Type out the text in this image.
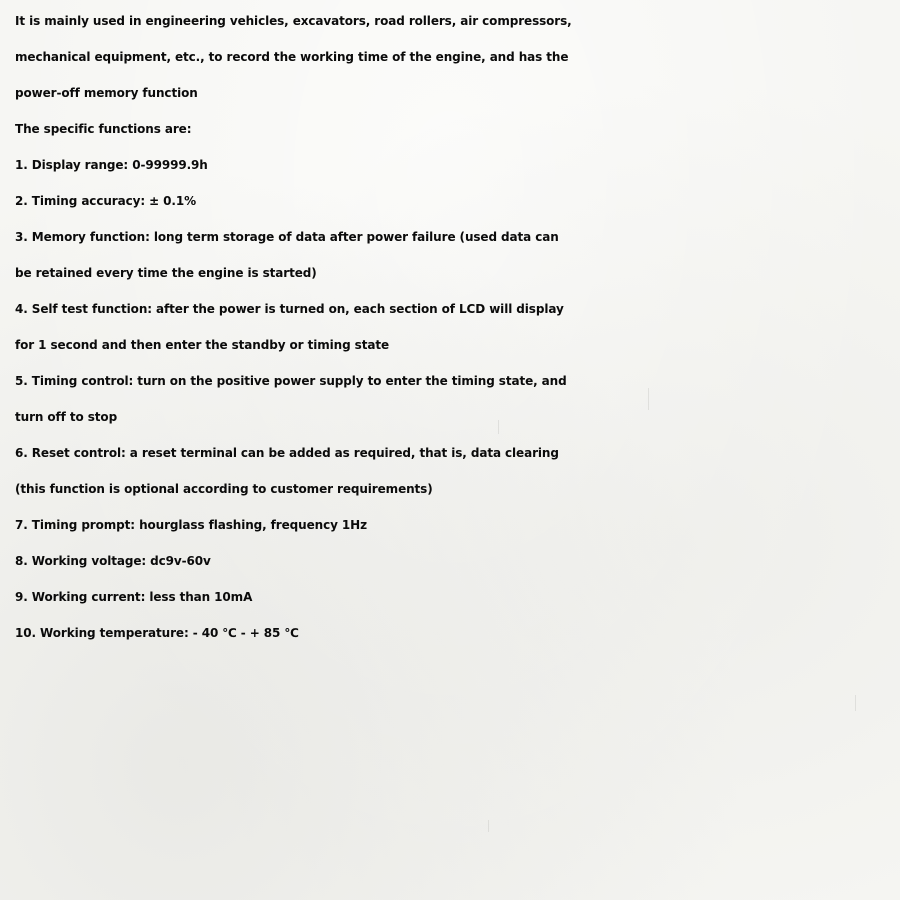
It is mainly used in engineering vehicles, excavators, road rollers, air compressors,
mechanical equipment, etc., to record the working time of the engine, and has the
power-off memory function
The specific functions are:
1. Display range: 0-99999.9h
2. Timing accuracy: ± 0.1%
3. Memory function: long term storage of data after power failure (used data can
be retained every time the engine is started)
4. Self test function: after the power is turned on, each section of LCD will display
for 1 second and then enter the standby or timing state
5. Timing control: turn on the positive power supply to enter the timing state, and
turn off to stop
6. Reset control: a reset terminal can be added as required, that is, data clearing
(this function is optional according to customer requirements)
7. Timing prompt: hourglass flashing, frequency 1Hz
8. Working voltage: dc9v-60v
9. Working current: less than 10mA
10. Working temperature: - 40 ℃ - + 85 ℃
